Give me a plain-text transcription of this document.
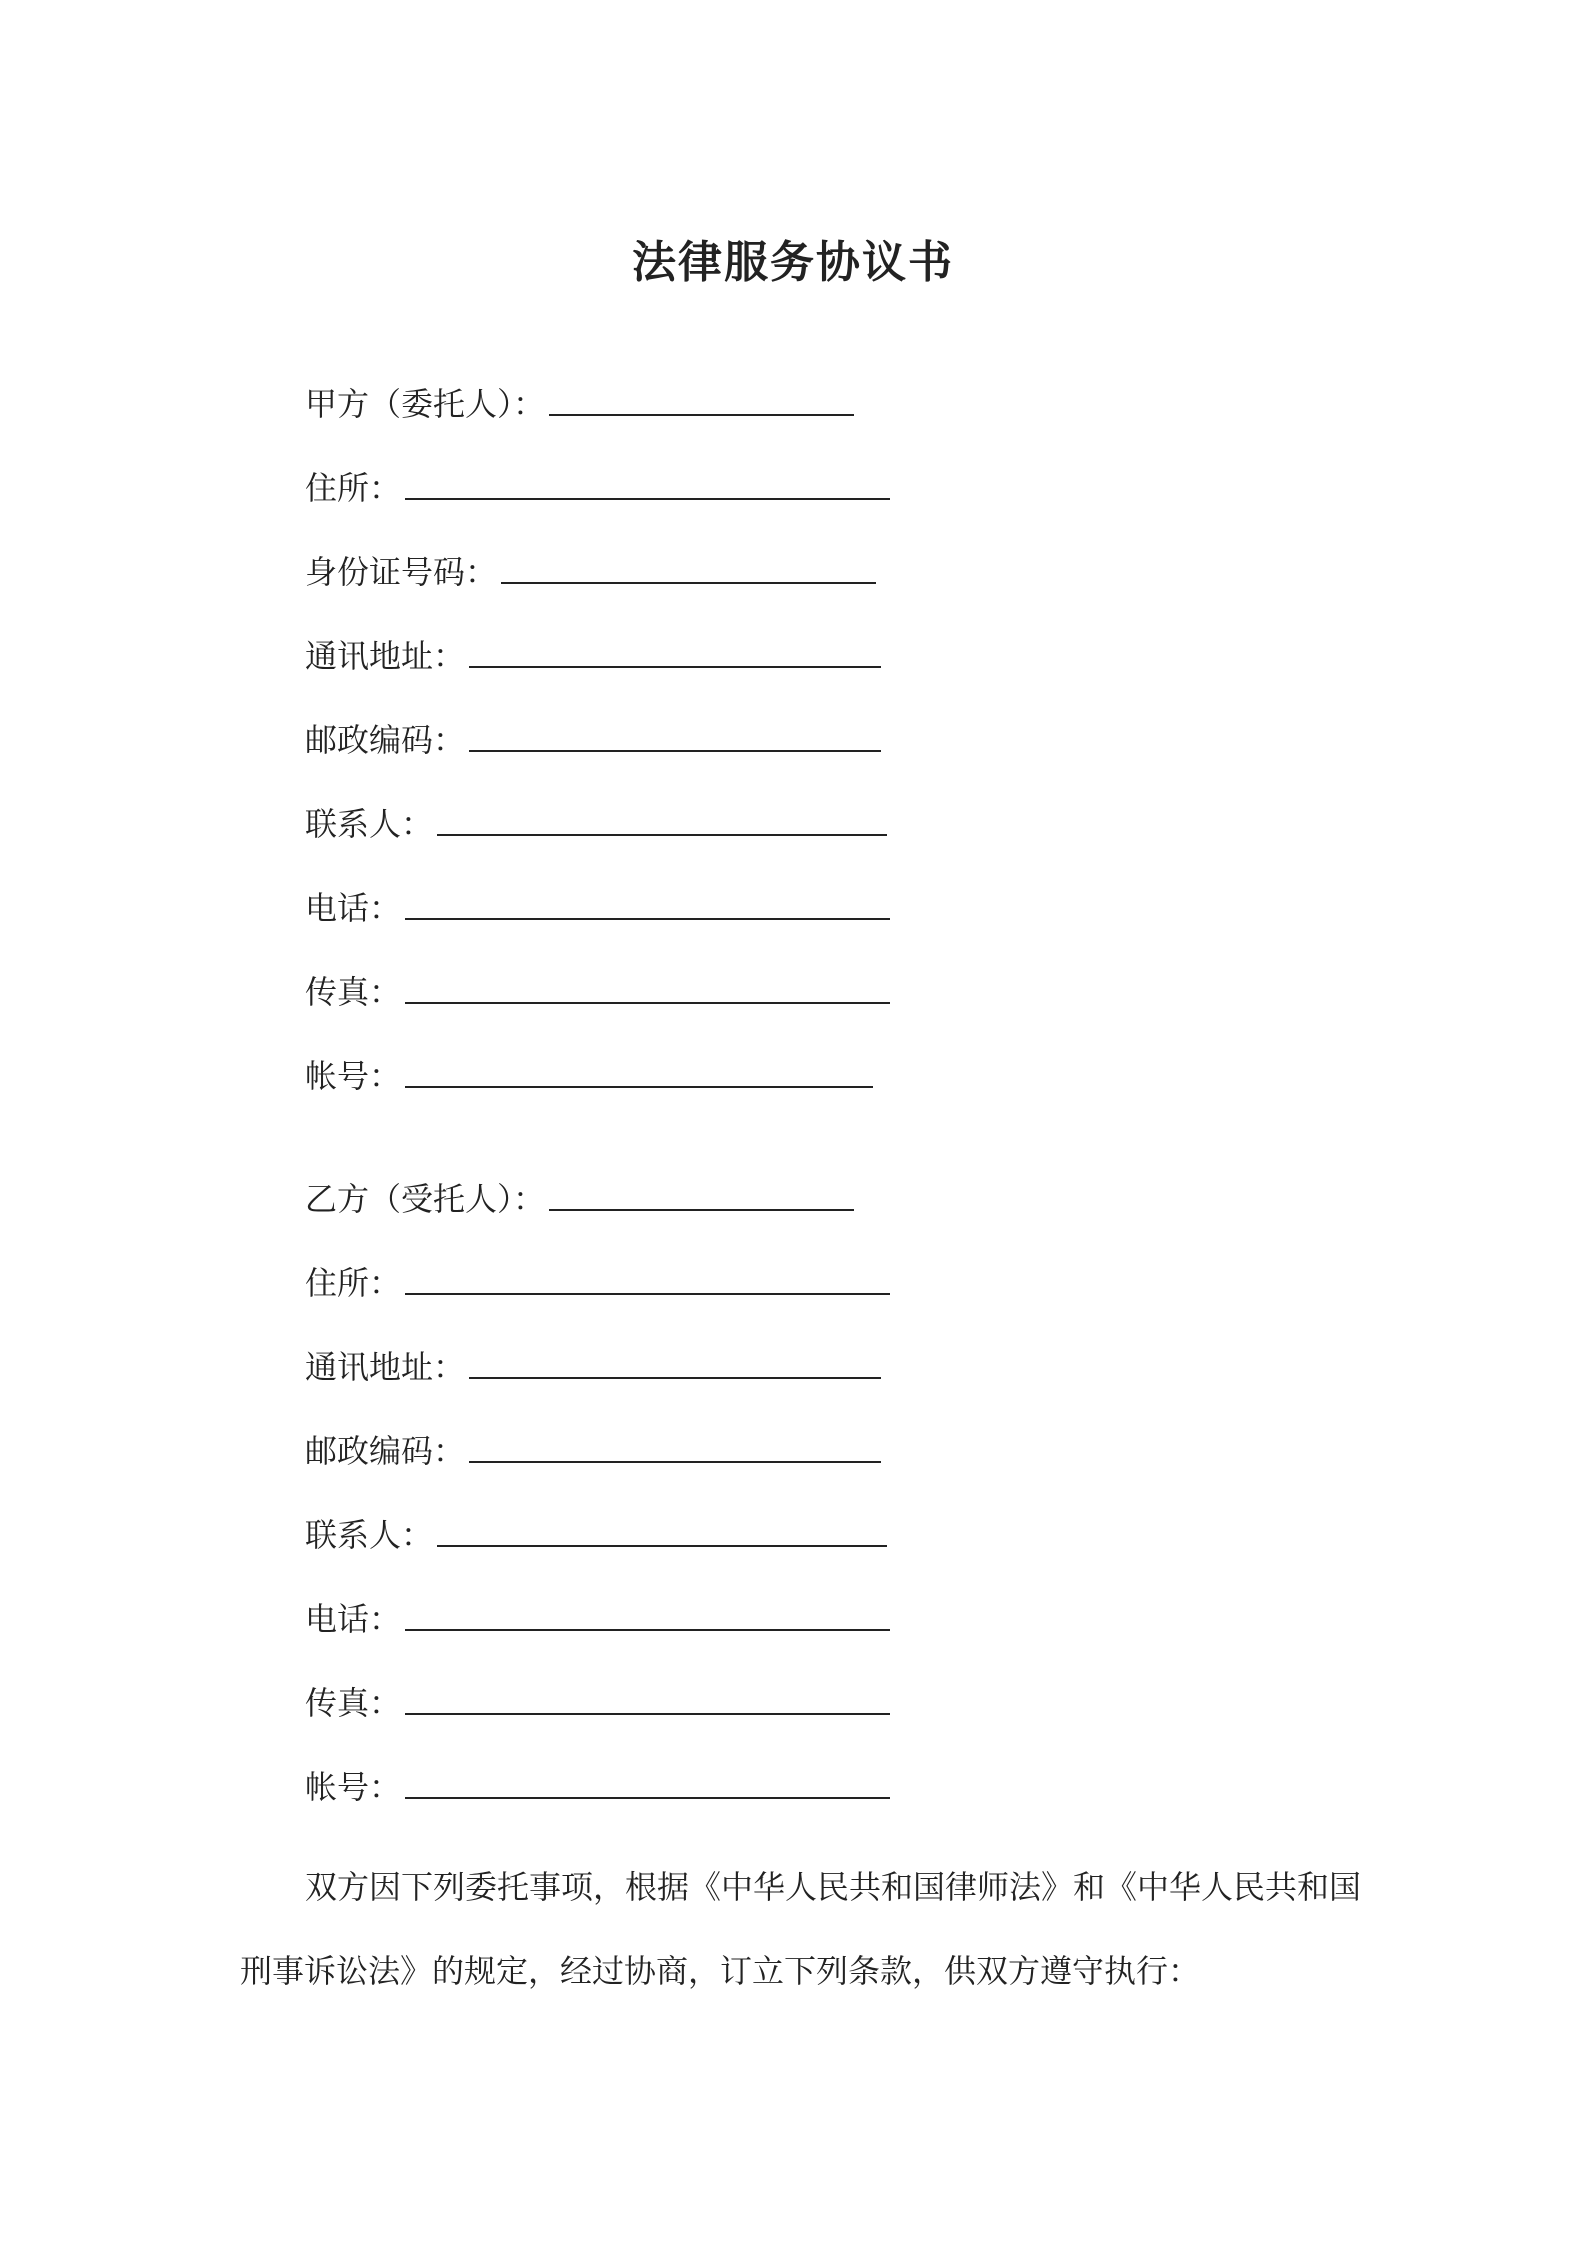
法律服务协议书
甲方（委托人）：
住所：
身份证号码：
通讯地址：
邮政编码：
联系人：
电话：
传真：
帐号：
乙方（受托人）：
住所：
通讯地址：
邮政编码：
联系人：
电话：
传真：
帐号：
双方因下列委托事项，根据《中华人民共和国律师法》和《中华人民共和国
刑事诉讼法》的规定，经过协商，订立下列条款，供双方遵守执行：
